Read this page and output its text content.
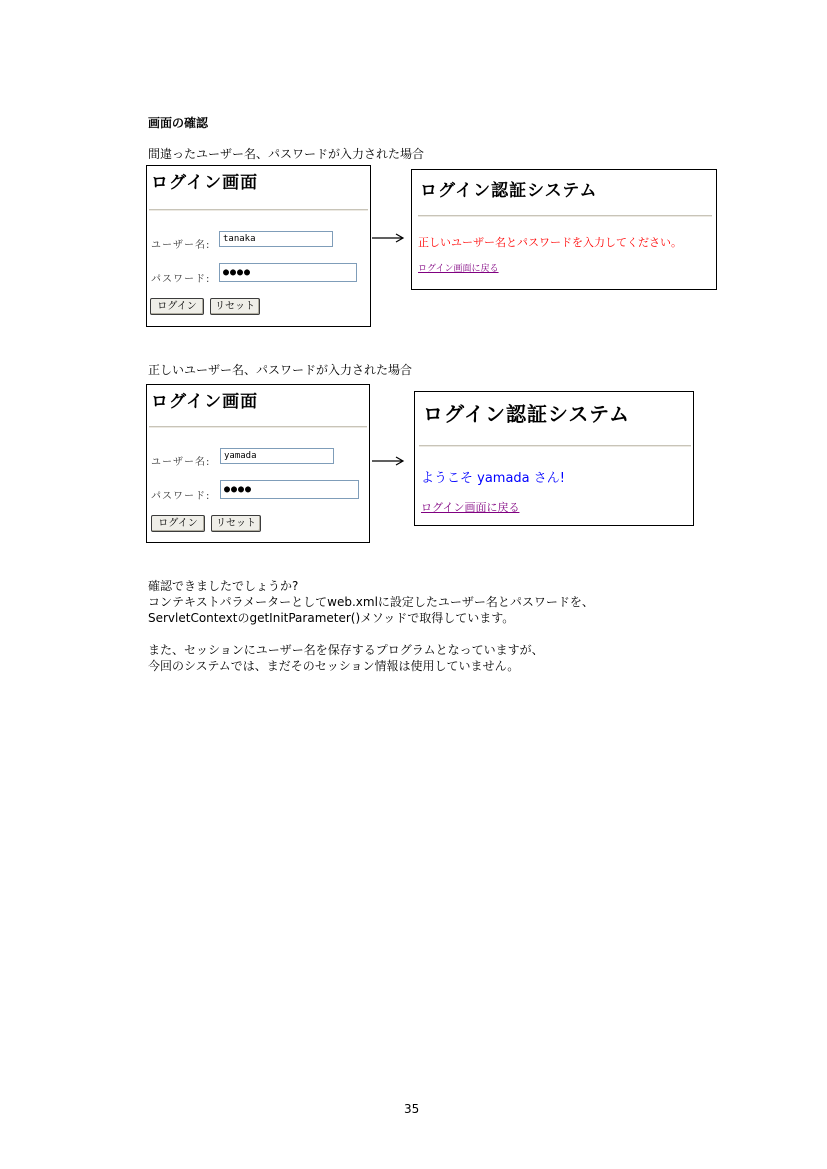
画面の確認
間違ったユーザー名、パスワードが入力された場合
ログイン画面
ユーザー名:
tanaka
パスワード:
●●●●
ログイン	リセット
ログイン認証システム
正しいユーザー名とパスワードを入力してください。
ログイン画面に戻る
正しいユーザー名、パスワードが入力された場合
ログイン画面
ユーザー名:
yamada
パスワード:
●●●●
ログイン	リセット
ログイン認証システム
ようこそ yamada さん!
ログイン画面に戻る
確認できましたでしょうか?
コンテキストパラメーターとしてweb.xmlに設定したユーザー名とパスワードを、
ServletContextのgetInitParameter()メソッドで取得しています。
また、セッションにユーザー名を保存するプログラムとなっていますが、
今回のシステムでは、まだそのセッション情報は使用していません。
35
